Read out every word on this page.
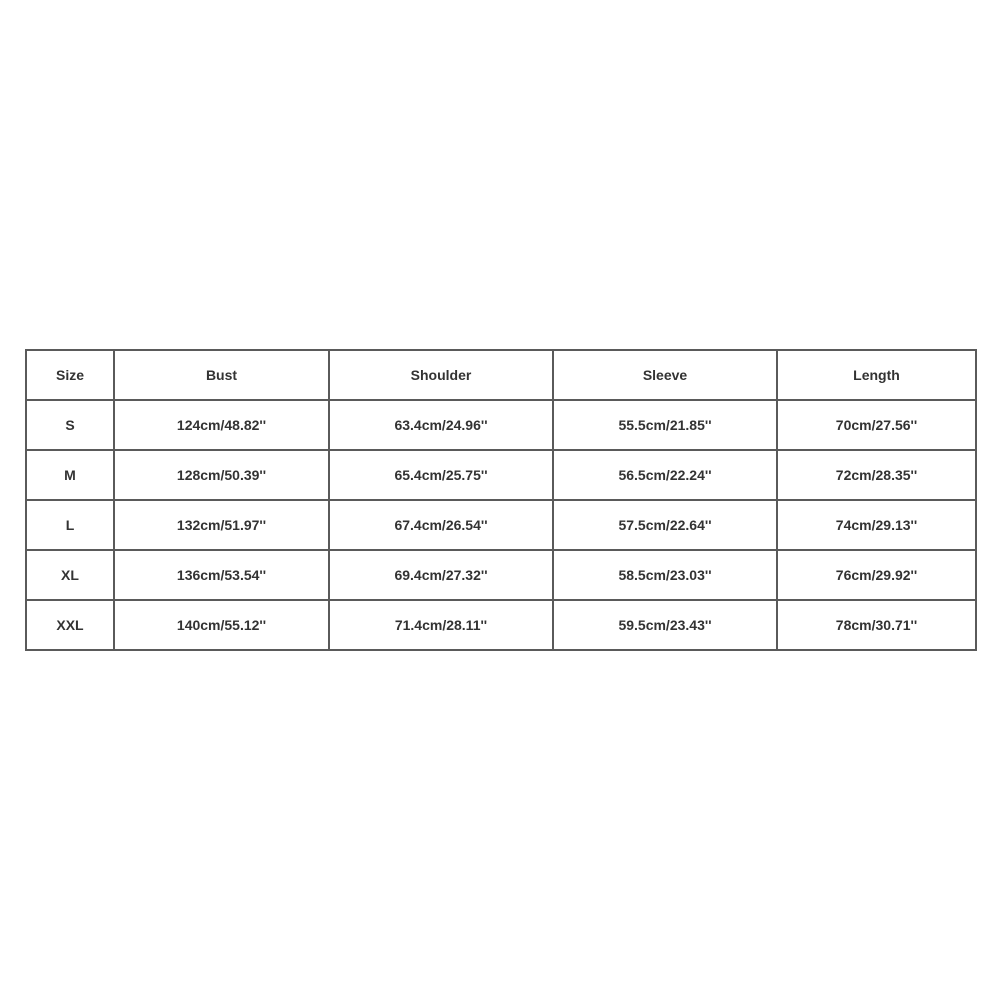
Size	Bust	Shoulder	Sleeve	Length
S	124cm/48.82''	63.4cm/24.96''	55.5cm/21.85''	70cm/27.56''
M	128cm/50.39''	65.4cm/25.75''	56.5cm/22.24''	72cm/28.35''
L	132cm/51.97''	67.4cm/26.54''	57.5cm/22.64''	74cm/29.13''
XL	136cm/53.54''	69.4cm/27.32''	58.5cm/23.03''	76cm/29.92''
XXL	140cm/55.12''	71.4cm/28.11''	59.5cm/23.43''	78cm/30.71''
